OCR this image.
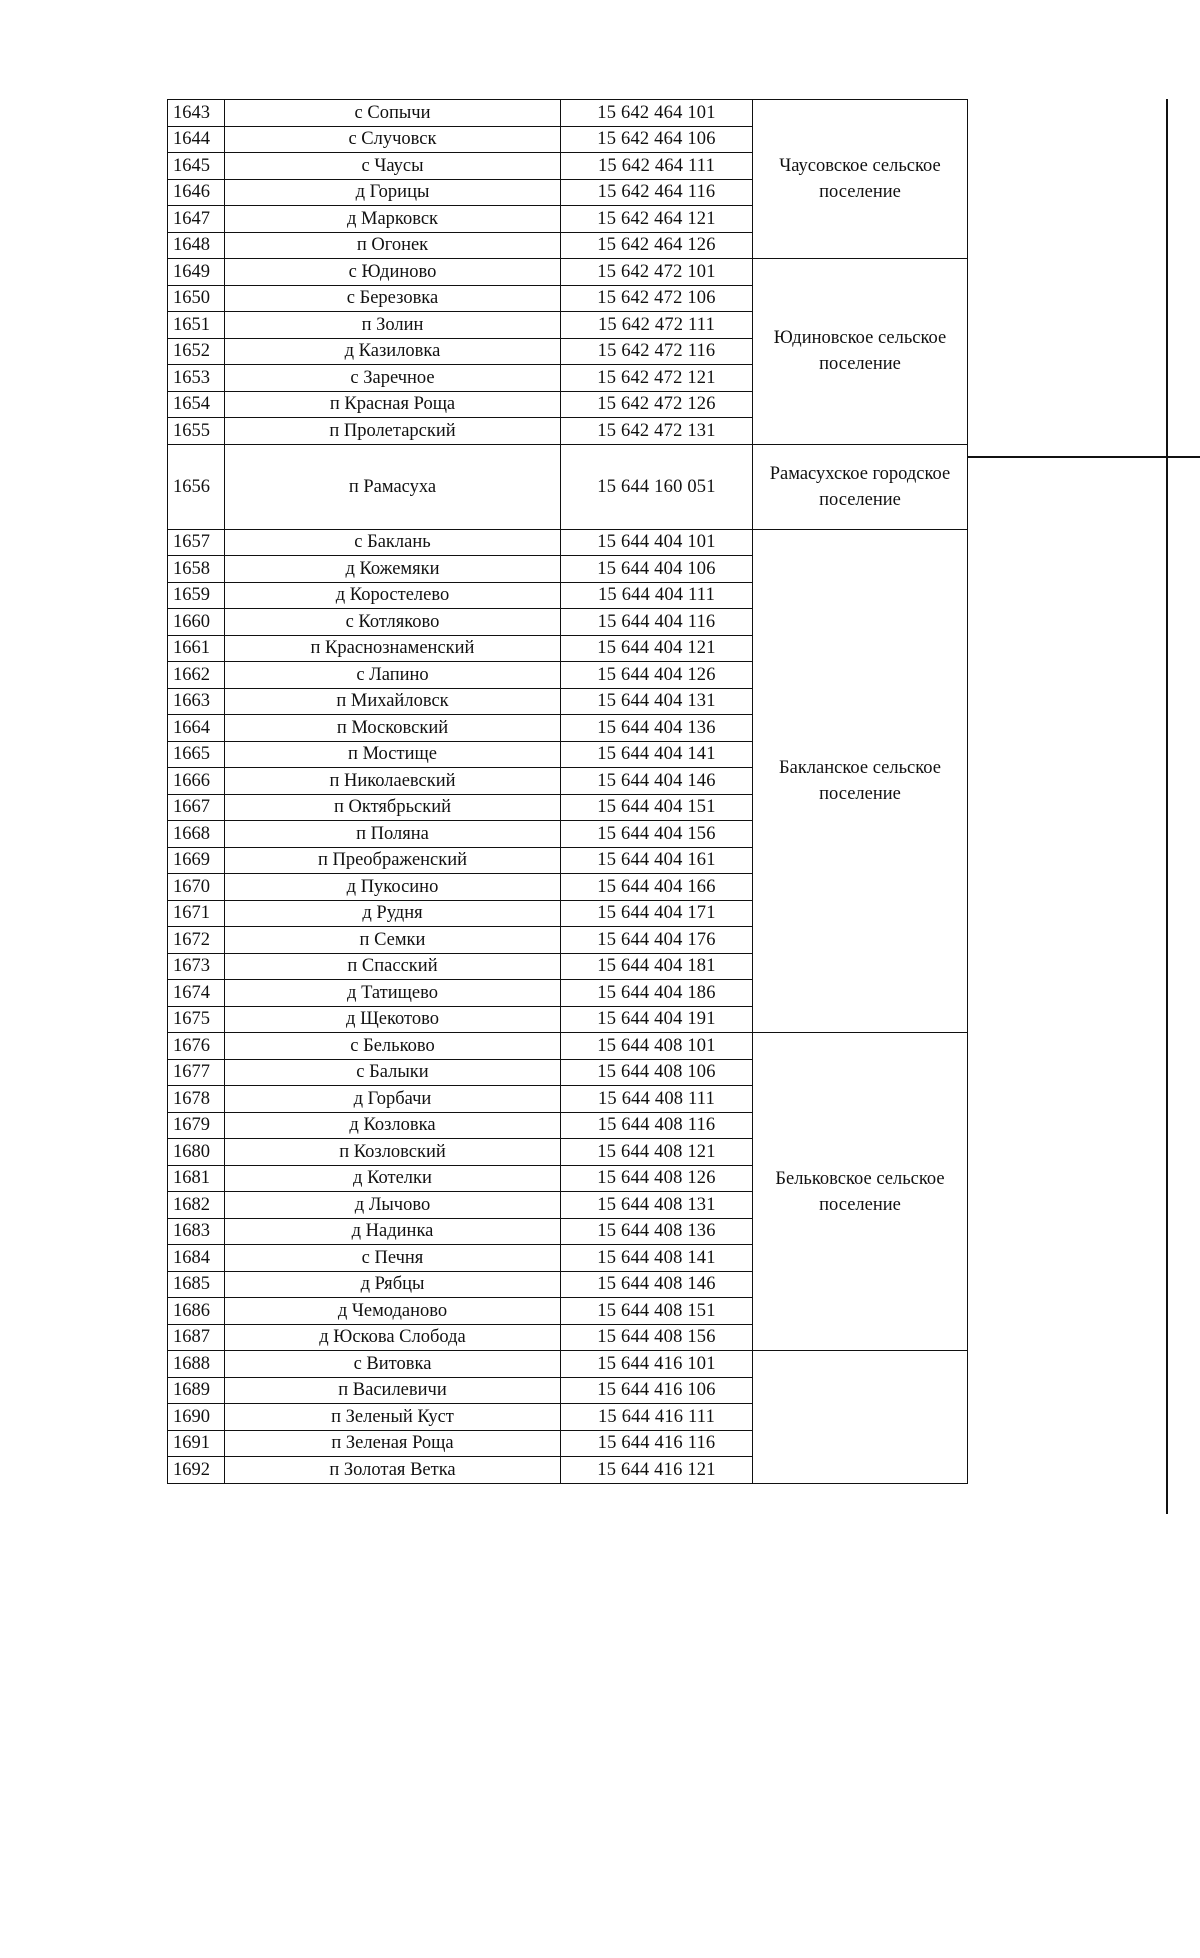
1643	с Сопычи	15 642 464 101	Чаусовское сельское поселение
1644	с Случовск	15 642 464 106	
1645	с Чаусы	15 642 464 111	
1646	д Горицы	15 642 464 116	
1647	д Марковск	15 642 464 121	
1648	п Огонек	15 642 464 126	
1649	с Юдиново	15 642 472 101	Юдиновское сельское поселение
1650	с Березовка	15 642 472 106	
1651	п Золин	15 642 472 111	
1652	д Казиловка	15 642 472 116	
1653	с Заречное	15 642 472 121	
1654	п Красная Роща	15 642 472 126	
1655	п Пролетарский	15 642 472 131	
1656	п Рамасуха	15 644 160 051	Рамасухское городское поселение
1657	с Баклань	15 644 404 101	Бакланское сельское поселение
1658	д Кожемяки	15 644 404 106	
1659	д Коростелево	15 644 404 111	
1660	с Котляково	15 644 404 116	
1661	п Краснознаменский	15 644 404 121	
1662	с Лапино	15 644 404 126	
1663	п Михайловск	15 644 404 131	
1664	п Московский	15 644 404 136	
1665	п Мостище	15 644 404 141	
1666	п Николаевский	15 644 404 146	
1667	п Октябрьский	15 644 404 151	
1668	п Поляна	15 644 404 156	
1669	п Преображенский	15 644 404 161	
1670	д Пукосино	15 644 404 166	
1671	д Рудня	15 644 404 171	
1672	п Семки	15 644 404 176	
1673	п Спасский	15 644 404 181	
1674	д Татищево	15 644 404 186	
1675	д Щекотово	15 644 404 191	
1676	с Бельково	15 644 408 101	Бельковское сельское поселение
1677	с Балыки	15 644 408 106	
1678	д Горбачи	15 644 408 111	
1679	д Козловка	15 644 408 116	
1680	п Козловский	15 644 408 121	
1681	д Котелки	15 644 408 126	
1682	д Лычово	15 644 408 131	
1683	д Надинка	15 644 408 136	
1684	с Печня	15 644 408 141	
1685	д Рябцы	15 644 408 146	
1686	д Чемоданово	15 644 408 151	
1687	д Юскова Слобода	15 644 408 156	
1688	с Витовка	15 644 416 101	
1689	п Василевичи	15 644 416 106	
1690	п Зеленый Куст	15 644 416 111	
1691	п Зеленая Роща	15 644 416 116	
1692	п Золотая Ветка	15 644 416 121	
